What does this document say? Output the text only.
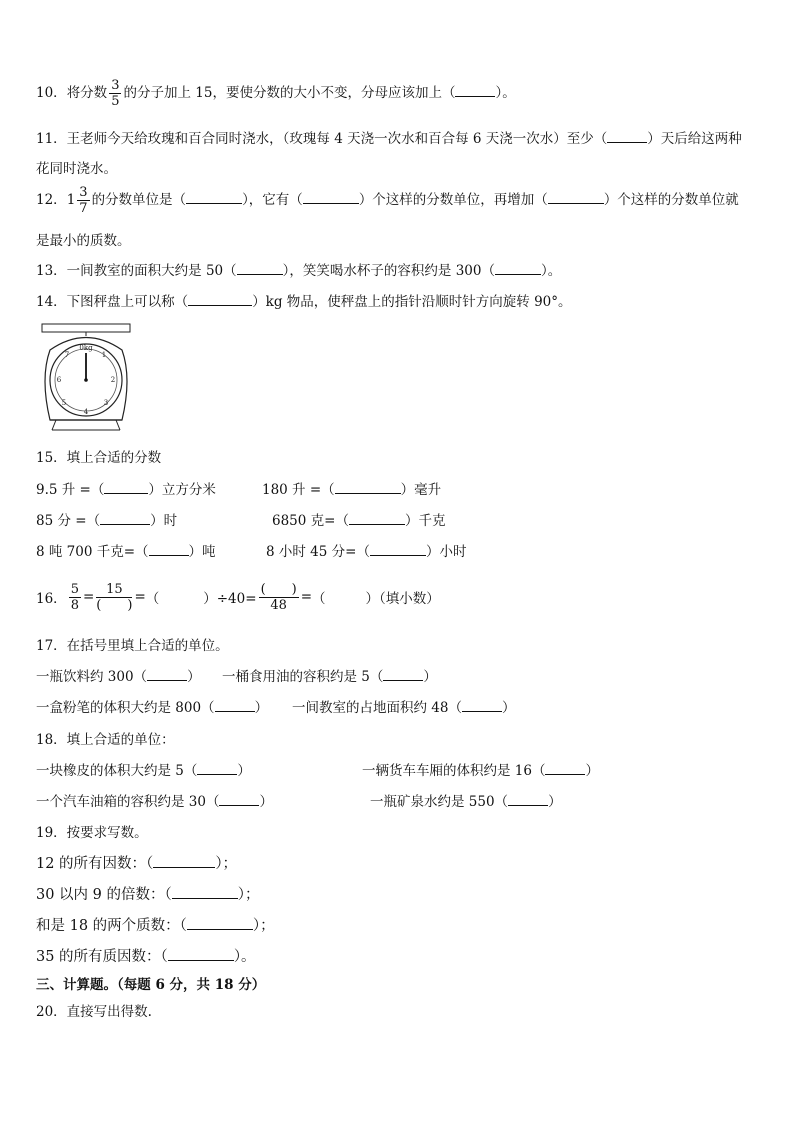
10．将分数 $\frac{3}{5}$ 的分子加上 15，要使分数的大小不变，分母应该加上（	）。
11．王老师今天给玫瑰和百合同时浇水，（玫瑰每 4 天浇一次水和百合每 6 天浇一次水）至少（	）天后给这两种
花同时浇水。
12．$1 \frac{3}{7}$ 的分数单位是（	），它有（	）个这样的分数单位，再增加（	）个这样的分数单位就
是最小的质数。
13．一间教室的面积大约是 50（	），笑笑喝水杯子的容积约是 300（	）。
14．下图秤盘上可以称（	）kg 物品，使秤盘上的指针沿顺时针方向旋转 90°。
0kg
1
2
3
4
5
6
7
15．填上合适的分数
9.5 升 =（	）立方分米	180 升 =（	）毫升
85 分 =（	）时	6850 克=（	）千克
8 吨 700 千克=（	）吨	8 小时 45 分=（	）小时
16． $\frac{5}{8} = \frac{15}{( )}$ = （	）$\div 40= \frac{( )}{48}$ = （	）（填小数）
17．在括号里填上合适的单位。
一瓶饮料约 300（	） 一桶食用油的容积约是 5（	）
一盒粉笔的体积大约是 800（	） 一间教室的占地面积约 48（	）
18．填上合适的单位：
一块橡皮的体积大约是 5（	）	一辆货车车厢的体积约是 16（	）
一个汽车油箱的容积约是 30（	）	一瓶矿泉水约是 550（	）
19．按要求写数。
12 的所有因数：（	）；
30 以内 9 的倍数：（	）；
和是 18 的两个质数：（	）；
35 的所有质因数：（	）。
三、计算题。（每题 6 分，共 18 分）
20．直接写出得数.
